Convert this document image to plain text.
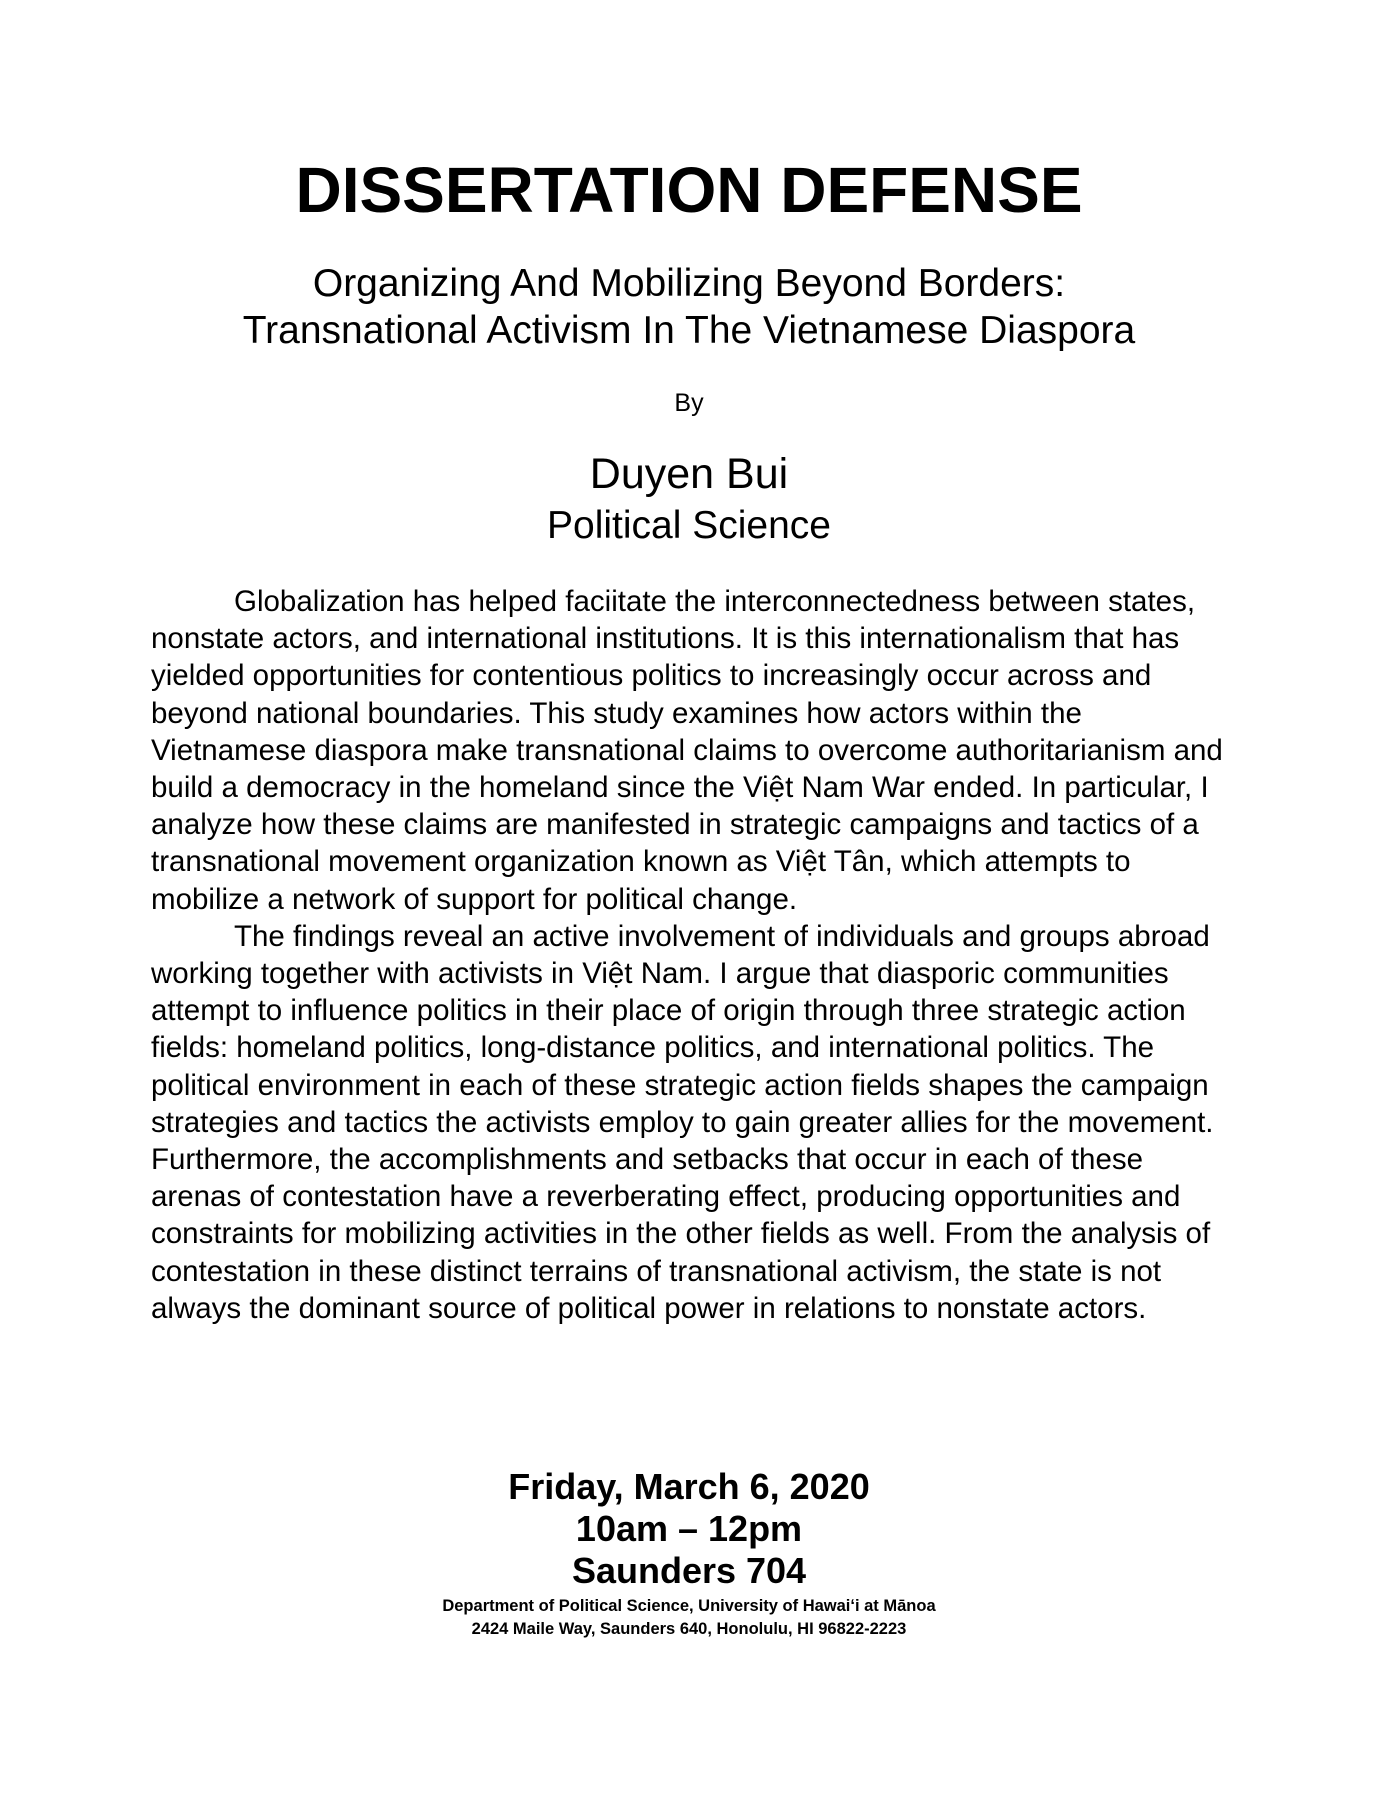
DISSERTATION DEFENSE
Organizing And Mobilizing Beyond Borders:
Transnational Activism In The Vietnamese Diaspora
By
Duyen Bui
Political Science

Globalization has helped faciitate the interconnectedness between states, nonstate actors, and international institutions. It is this internationalism that has yielded opportunities for contentious politics to increasingly occur across and beyond national boundaries. This study examines how actors within the Vietnamese diaspora make transnational claims to overcome authoritarianism and build a democracy in the homeland since the Việt Nam War ended. In particular, I analyze how these claims are manifested in strategic campaigns and tactics of a transnational movement organization known as Việt Tân, which attempts to mobilize a network of support for political change.

The findings reveal an active involvement of individuals and groups abroad working together with activists in Việt Nam. I argue that diasporic communities attempt to influence politics in their place of origin through three strategic action fields: homeland politics, long-distance politics, and international politics. The political environment in each of these strategic action fields shapes the campaign strategies and tactics the activists employ to gain greater allies for the movement. Furthermore, the accomplishments and setbacks that occur in each of these arenas of contestation have a reverberating effect, producing opportunities and constraints for mobilizing activities in the other fields as well. From the analysis of contestation in these distinct terrains of transnational activism, the state is not always the dominant source of political power in relations to nonstate actors.

Friday, March 6, 2020
10am – 12pm
Saunders 704
Department of Political Science, University of Hawaiʻi at Mānoa
2424 Maile Way, Saunders 640, Honolulu, HI 96822-2223
